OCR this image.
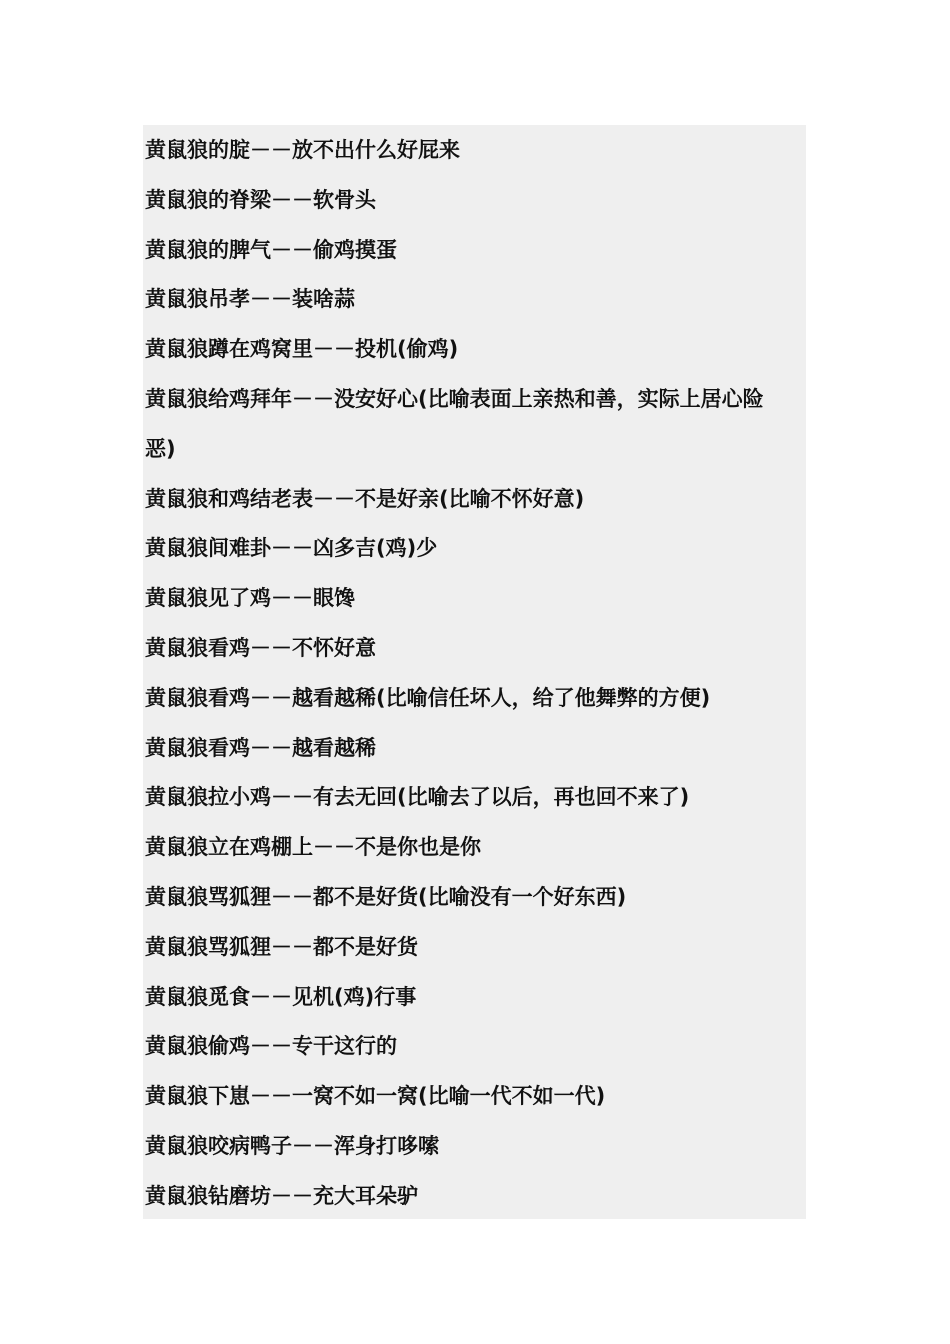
黄鼠狼的腚－－放不出什么好屁来
黄鼠狼的脊梁－－软骨头
黄鼠狼的脾气－－偷鸡摸蛋
黄鼠狼吊孝－－装啥蒜
黄鼠狼蹲在鸡窝里－－投机(偷鸡)
黄鼠狼给鸡拜年－－没安好心(比喻表面上亲热和善，实际上居心险
恶)
黄鼠狼和鸡结老表－－不是好亲(比喻不怀好意)
黄鼠狼间难卦－－凶多吉(鸡)少
黄鼠狼见了鸡－－眼馋
黄鼠狼看鸡－－不怀好意
黄鼠狼看鸡－－越看越稀(比喻信任坏人，给了他舞弊的方便)
黄鼠狼看鸡－－越看越稀
黄鼠狼拉小鸡－－有去无回(比喻去了以后，再也回不来了)
黄鼠狼立在鸡棚上－－不是你也是你
黄鼠狼骂狐狸－－都不是好货(比喻没有一个好东西)
黄鼠狼骂狐狸－－都不是好货
黄鼠狼觅食－－见机(鸡)行事
黄鼠狼偷鸡－－专干这行的
黄鼠狼下崽－－一窝不如一窝(比喻一代不如一代)
黄鼠狼咬病鸭子－－浑身打哆嗦
黄鼠狼钻磨坊－－充大耳朵驴
